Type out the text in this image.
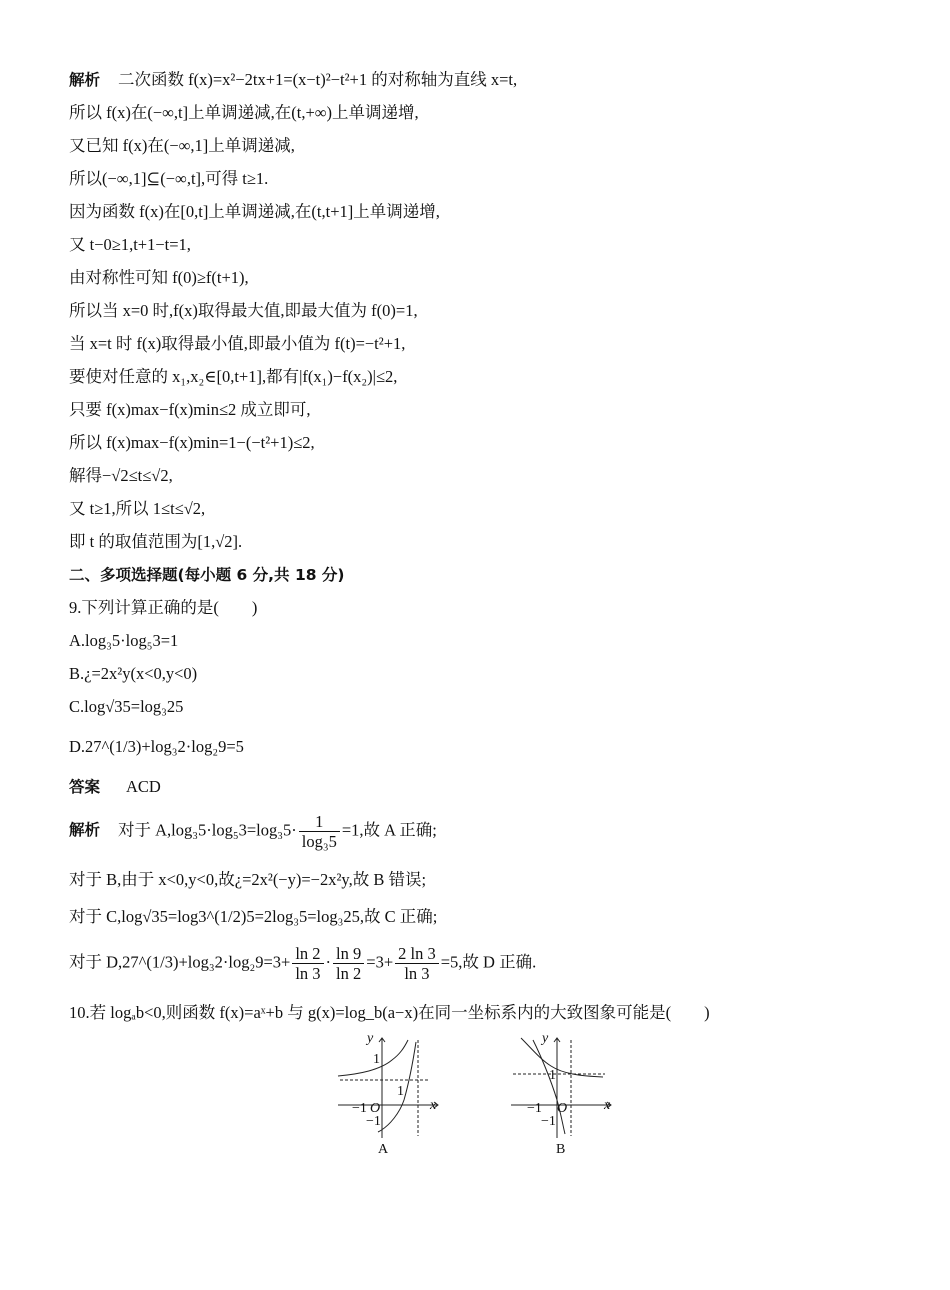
解析 二次函数 f(x)=x²−2tx+1=(x−t)²−t²+1 的对称轴为直线 x=t,
所以 f(x)在(−∞,t]上单调递减,在(t,+∞)上单调递增,
又已知 f(x)在(−∞,1]上单调递减,
所以(−∞,1]⊆(−∞,t],可得 t≥1.
因为函数 f(x)在[0,t]上单调递减,在(t,t+1]上单调递增,
又 t−0≥1,t+1−t=1,
由对称性可知 f(0)≥f(t+1),
所以当 x=0 时,f(x)取得最大值,即最大值为 f(0)=1,
当 x=t 时 f(x)取得最小值,即最小值为 f(t)=−t²+1,
要使对任意的 x₁,x₂∈[0,t+1],都有|f(x₁)−f(x₂)|≤2,
只要 f(x)max−f(x)min≤2 成立即可,
所以 f(x)max−f(x)min=1−(−t²+1)≤2,
解得−√2≤t≤√2,
又 t≥1,所以 1≤t≤√2,
即 t 的取值范围为[1,√2].
二、多项选择题(每小题 6 分,共 18 分)
9.下列计算正确的是(　　)
A.log₃5·log₅3=1
B.¿=2x²y(x<0,y<0)
C.log√35=log₃25
D.27^(1/3)+log₃2·log₂9=5
答案 ACD
解析 对于 $A,\log_35\cdot\log_53=\log_35\cdot \frac{1}{\text{log₃5}} =1$,故 A 正确;
对于 B,由于 x<0,y<0,故¿=2x²(−y)=−2x²y,故 B 错误;
对于 C,log√35=log3^(1/2)5=2log₃5=log₃25,故 C 正确;
对于 D,27^(1/3)+log₃2·log₂9=3+ $\frac{\ln 2}{\ln 3} \cdot \frac{\ln 9}{\ln 2} =3+ \frac{2 \ln 3}{\ln 3} =5$,故 D 正确.
10.若 logₐb<0,则函数 f(x)=aˣ+b 与 g(x)=log_b(a−x)在同一坐标系内的大致图象可能是(　　)
y
x
O
1
−1
−1
1
A
y
x
O
1
−1
−1
B
